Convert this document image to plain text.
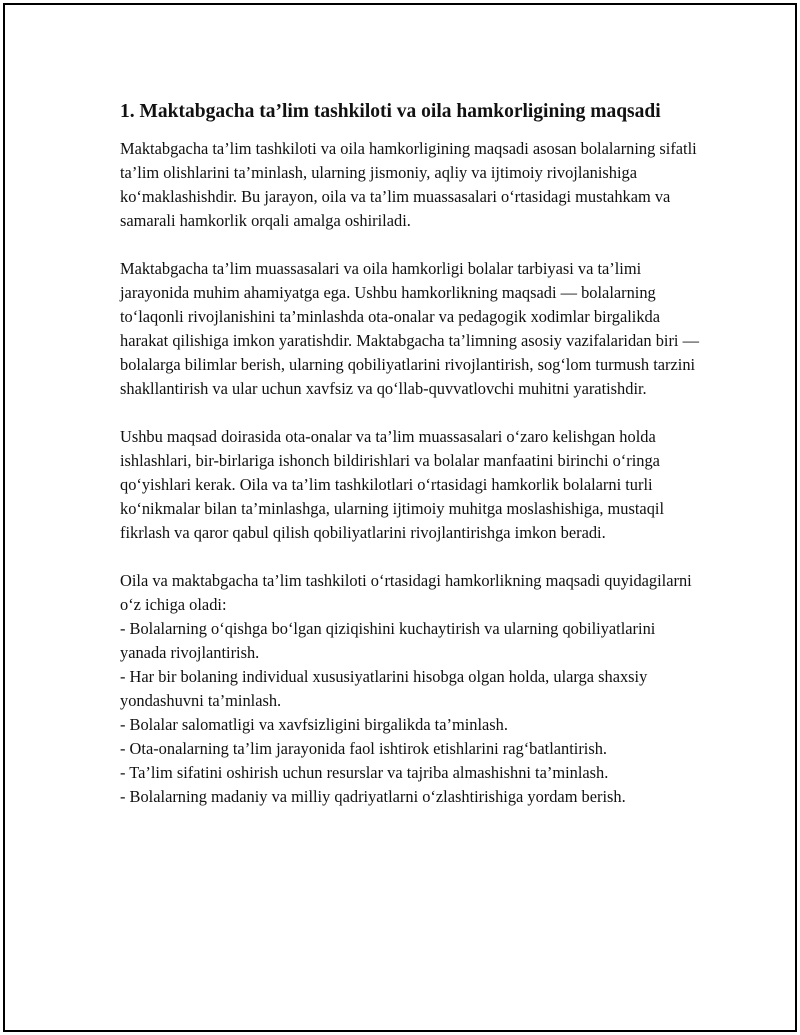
1. Maktabgacha ta’lim tashkiloti va oila hamkorligining maqsadi

Maktabgacha ta’lim tashkiloti va oila hamkorligining maqsadi asosan bolalarning sifatli ta’lim olishlarini ta’minlash, ularning jismoniy, aqliy va ijtimoiy rivojlanishiga ko‘maklashishdir. Bu jarayon, oila va ta’lim muassasalari o‘rtasidagi mustahkam va samarali hamkorlik orqali amalga oshiriladi.

Maktabgacha ta’lim muassasalari va oila hamkorligi bolalar tarbiyasi va ta’limi jarayonida muhim ahamiyatga ega. Ushbu hamkorlikning maqsadi — bolalarning to‘laqonli rivojlanishini ta’minlashda ota-onalar va pedagogik xodimlar birgalikda harakat qilishiga imkon yaratishdir. Maktabgacha ta’limning asosiy vazifalaridan biri — bolalarga bilimlar berish, ularning qobiliyatlarini rivojlantirish, sog‘lom turmush tarzini shakllantirish va ular uchun xavfsiz va qo‘llab-quvvatlovchi muhitni yaratishdir.

Ushbu maqsad doirasida ota-onalar va ta’lim muassasalari o‘zaro kelishgan holda ishlashlari, bir-birlariga ishonch bildirishlari va bolalar manfaatini birinchi o‘ringa qo‘yishlari kerak. Oila va ta’lim tashkilotlari o‘rtasidagi hamkorlik bolalarni turli ko‘nikmalar bilan ta’minlashga, ularning ijtimoiy muhitga moslashishiga, mustaqil fikrlash va qaror qabul qilish qobiliyatlarini rivojlantirishga imkon beradi.

Oila va maktabgacha ta’lim tashkiloti o‘rtasidagi hamkorlikning maqsadi quyidagilarni o‘z ichiga oladi:
- Bolalarning o‘qishga bo‘lgan qiziqishini kuchaytirish va ularning qobiliyatlarini yanada rivojlantirish.
- Har bir bolaning individual xususiyatlarini hisobga olgan holda, ularga shaxsiy yondashuvni ta’minlash.
- Bolalar salomatligi va xavfsizligini birgalikda ta’minlash.
- Ota-onalarning ta’lim jarayonida faol ishtirok etishlarini rag‘batlantirish.
- Ta’lim sifatini oshirish uchun resurslar va tajriba almashishni ta’minlash.
- Bolalarning madaniy va milliy qadriyatlarni o‘zlashtirishiga yordam berish.
